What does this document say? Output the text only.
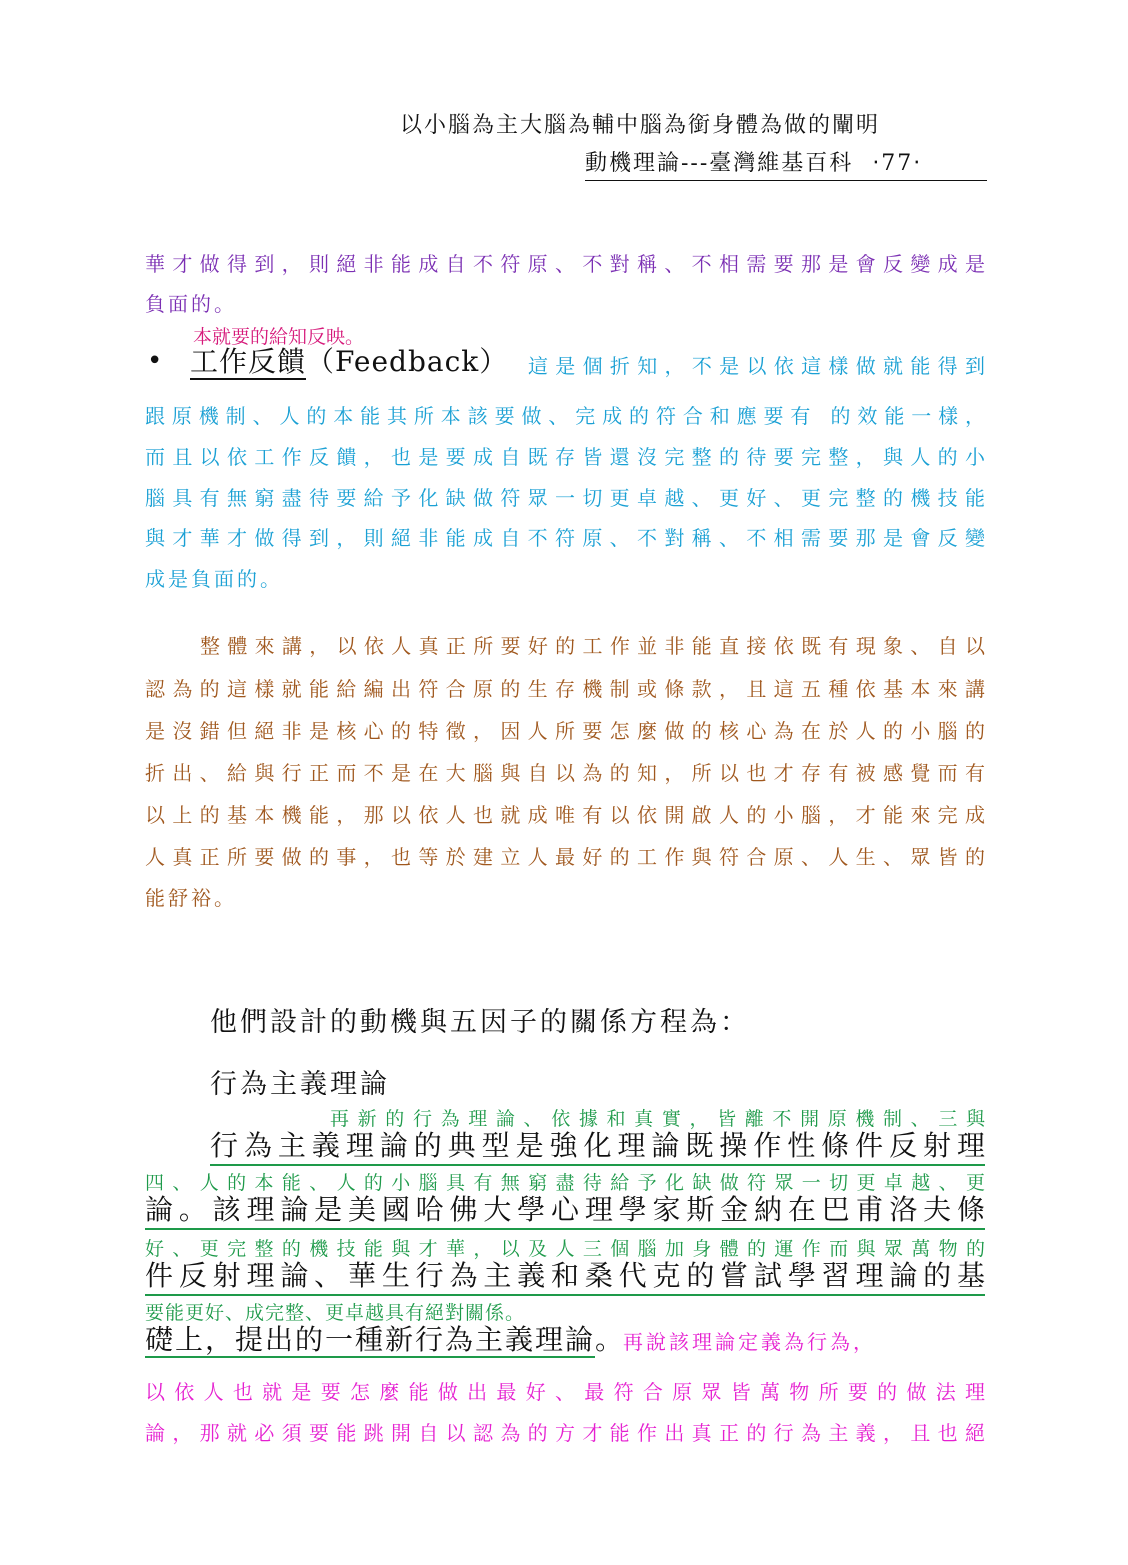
以小腦為主大腦為輔中腦為銜身體為做的闡明
動機理論---臺灣維基百科 ‧77‧
華才做得到，則絕非能成自不符原、不對稱、不相需要那是會反變成是
負面的。
本就要的給知反映。
• 工作反饋（Feedback） 這是個折知，不是以依這樣做就能得到
跟原機制、人的本能其所本該要做、完成的符合和應要有 的效能一樣，
而且以依工作反饋，也是要成自既存皆還沒完整的待要完整，與人的小
腦具有無窮盡待要給予化缺做符眾一切更卓越、更好、更完整的機技能
與才華才做得到，則絕非能成自不符原、不對稱、不相需要那是會反變
成是負面的。
整體來講，以依人真正所要好的工作並非能直接依既有現象、自以
認為的這樣就能給編出符合原的生存機制或條款，且這五種依基本來講
是沒錯但絕非是核心的特徵，因人所要怎麼做的核心為在於人的小腦的
折出、給與行正而不是在大腦與自以為的知，所以也才存有被感覺而有
以上的基本機能，那以依人也就成唯有以依開啟人的小腦，才能來完成
人真正所要做的事，也等於建立人最好的工作與符合原、人生、眾皆的
能舒裕。
他們設計的動機與五因子的關係方程為：
行為主義理論
再新的行為理論、依據和真實，皆離不開原機制、三與
行為主義理論的典型是強化理論既操作性條件反射理
四、人的本能、人的小腦具有無窮盡待給予化缺做符眾一切更卓越、更
論。該理論是美國哈佛大學心理學家斯金納在巴甫洛夫條
好、更完整的機技能與才華，以及人三個腦加身體的運作而與眾萬物的
件反射理論、華生行為主義和桑代克的嘗試學習理論的基
要能更好、成完整、更卓越具有絕對關係。
礎上，提出的一種新行為主義理論。再說該理論定義為行為，
以依人也就是要怎麼能做出最好、最符合原眾皆萬物所要的做法理
論，那就必須要能跳開自以認為的方才能作出真正的行為主義，且也絕
